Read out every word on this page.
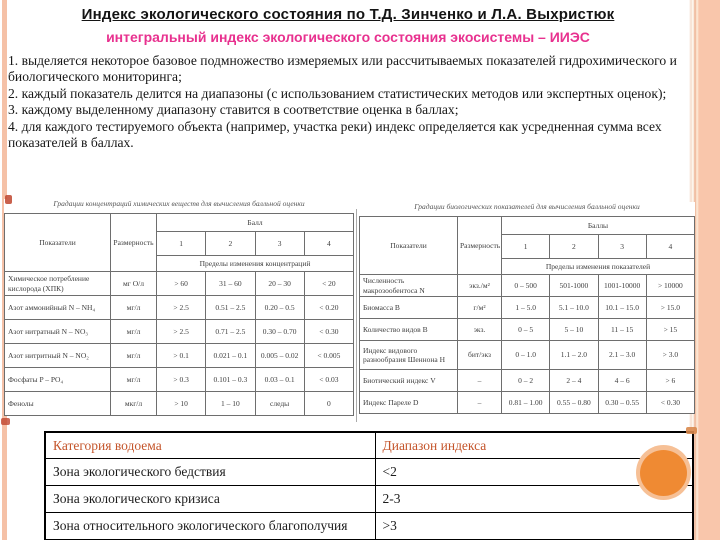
Индекс экологического состояния по Т.Д. Зинченко и Л.А. Выхристюк
интегральный индекс экологического состояния экосистемы – ИИЭС

1. выделяется некоторое базовое подмножество измеряемых или рассчитываемых показателей гидрохимического и биологического мониторинга;

2. каждый показатель делится на диапазоны (с использованием статистических методов или экспертных оценок);

3. каждому выделенному диапазону ставится в соответствие оценка в баллах;

4. для каждого тестируемого объекта (например, участка реки) индекс определяется как усредненная сумма всех показателей в баллах.

Градации концентраций химических веществ для вычисления балльной оценки
Показатели	Размерность	Балл			
		1	2	3	4
		Пределы изменения концентраций			
Химическое потребление кислорода (ХПК)	мг О/л	> 60	31 – 60	20 – 30	< 20
Азот аммонийный N – NH₄	мг/л	> 2.5	0.51 – 2.5	0.20 – 0.5	< 0.20
Азот нитратный N – NO₃	мг/л	> 2.5	0.71 – 2.5	0.30 – 0.70	< 0.30
Азот нитритный N – NO₂	мг/л	> 0.1	0.021 – 0.1	0.005 – 0.02	< 0.005
Фосфаты P – PO₄	мг/л	> 0.3	0.101 – 0.3	0.03 – 0.1	< 0.03
Фенолы	мкг/л	> 10	1 – 10	следы	0
Градации биологических показателей для вычисления балльной оценки
Показатели	Размерность	Баллы			
		1	2	3	4
		Пределы изменения показателей			
Численность макрозообентоса N	экз./м²	0 – 500	501-1000	1001-10000	> 10000
Биомасса B	г/м²	1 – 5.0	5.1 – 10.0	10.1 – 15.0	> 15.0
Количество видов B	экз.	0 – 5	5 – 10	11 – 15	> 15
Индекс видового разнообразия Шеннона H	бит/экз	0 – 1.0	1.1 – 2.0	2.1 – 3.0	> 3.0
Биотический индекс V	–	0 – 2	2 – 4	4 – 6	> 6
Индекс Пареле D	–	0.81 – 1.00	0.55 – 0.80	0.30 – 0.55	< 0.30
Категория водоема	Диапазон индекса
Зона экологического бедствия	<2
Зона экологического кризиса	2-3
Зона относительного экологического благополучия	>3
